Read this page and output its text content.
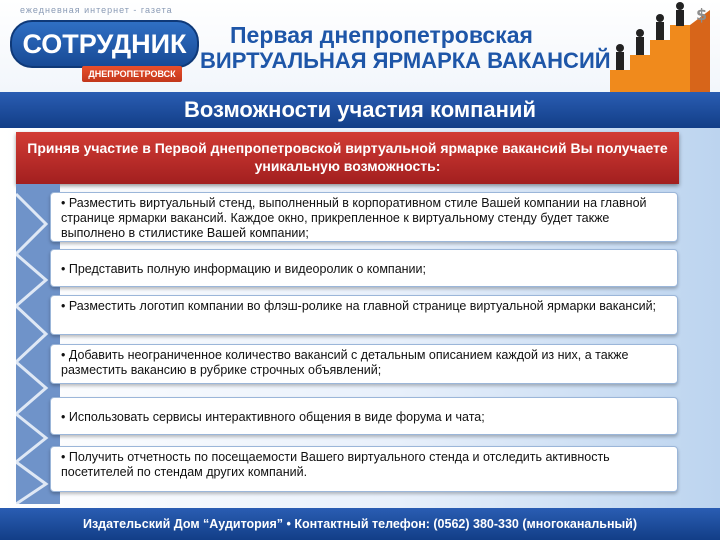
ежедневная интернет - газета
СОТРУДНИК
ДНЕПРОПЕТРОВСК
Первая днепропетровская
ВИРТУАЛЬНАЯ ЯРМАРКА ВАКАНСИЙ
$
Возможности участия компаний
Приняв участие в Первой днепропетровской виртуальной ярмарке вакансий Вы получаете уникальную возможность:
• Разместить виртуальный стенд, выполненный в корпоративном стиле Вашей компании на главной странице ярмарки вакансий. Каждое окно, прикрепленное к виртуальному стенду будет также выполнено в стилистике Вашей компании;
• Представить полную информацию и видеоролик о компании;
• Разместить логотип компании во флэш-ролике на главной странице виртуальной ярмарки вакансий;
• Добавить неограниченное количество вакансий с детальным описанием каждой из них, а также разместить вакансию в рубрике строчных объявлений;
• Использовать сервисы интерактивного общения в виде форума и чата;
• Получить отчетность по посещаемости Вашего виртуального стенда и отследить активность посетителей по стендам других компаний.
Издательский Дом “Аудитория” • Контактный телефон: (0562) 380-330 (многоканальный)
